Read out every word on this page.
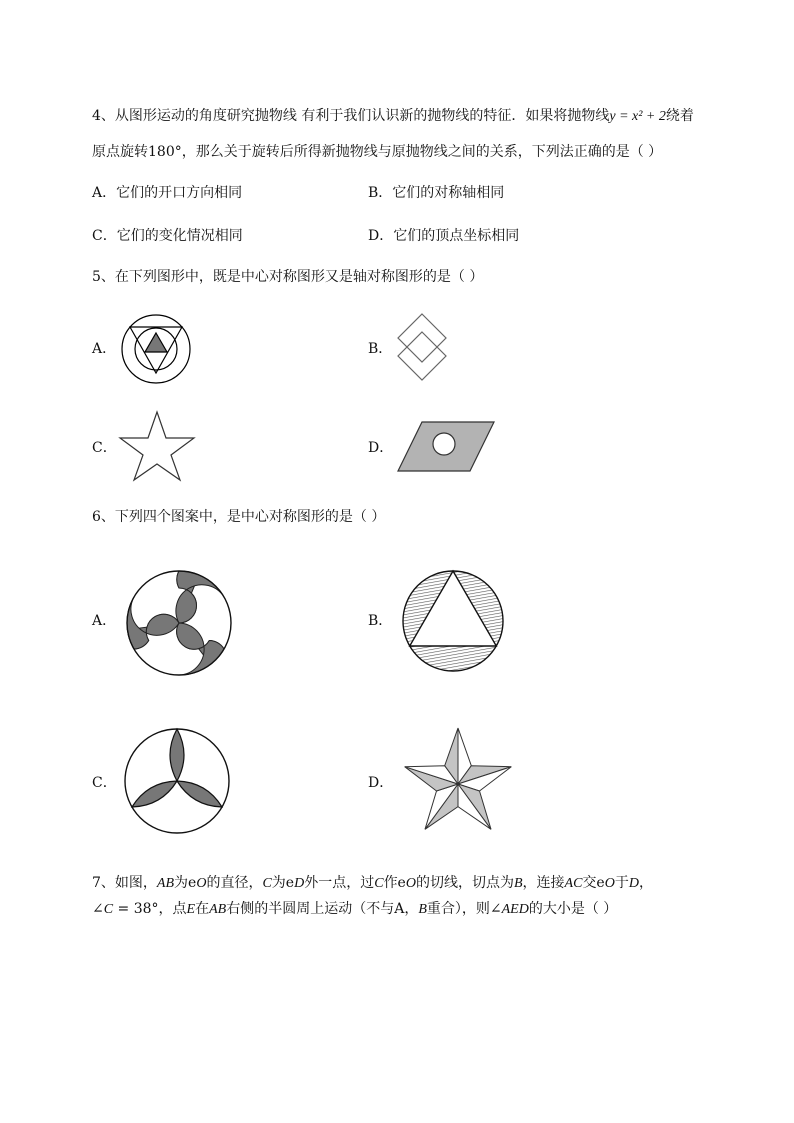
4、从图形运动的角度研究抛物线 有利于我们认识新的抛物线的特征．如果将抛物线y = x² + 2绕着
原点旋转180°，那么关于旋转后所得新抛物线与原抛物线之间的关系，下列法正确的是（ ）
A．它们的开口方向相同	B．它们的对称轴相同
C．它们的变化情况相同	D．它们的顶点坐标相同
5、在下列图形中，既是中心对称图形又是轴对称图形的是（ ）
A．	B．
C．	D．
6、下列四个图案中，是中心对称图形的是（ ）
A．	B．
C．	D．
7、如图，AB为eO的直径，C为eD外一点，过C作eO的切线，切点为B，连接AC交eO于D，
∠C = 38°，点E在AB右侧的半圆周上运动（不与A，B重合），则∠AED的大小是（ ）
